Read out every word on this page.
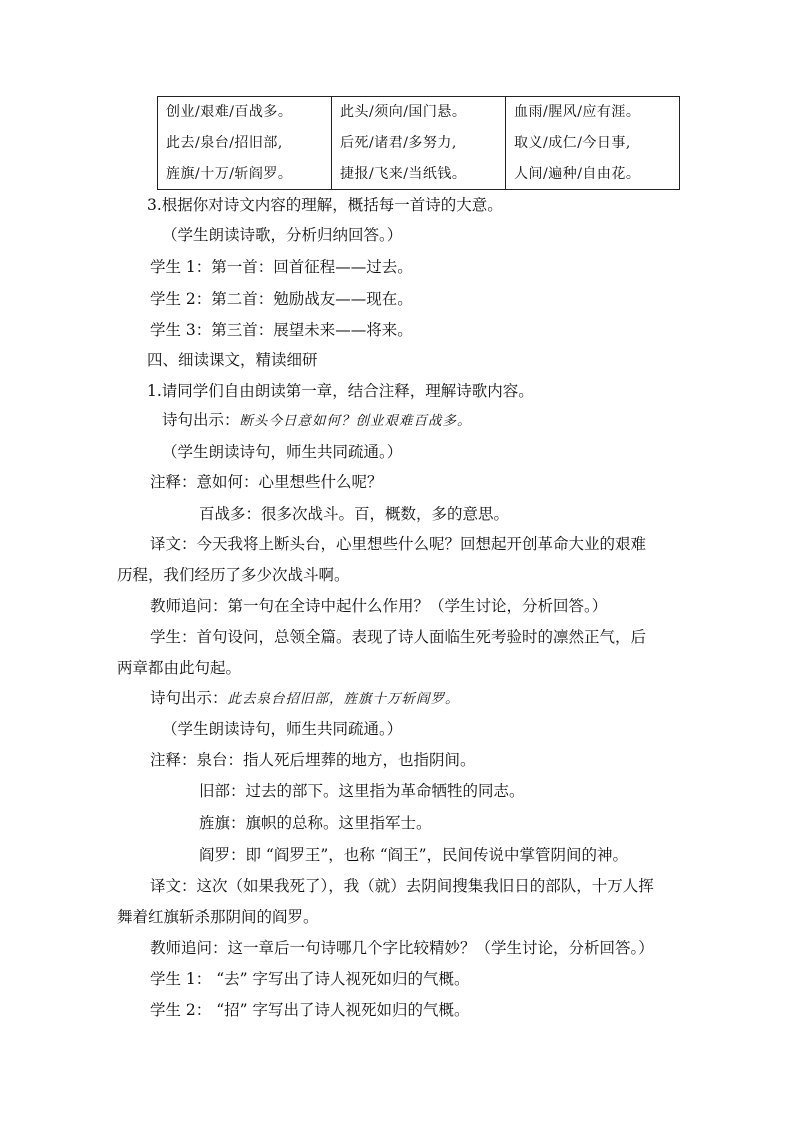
创业/艰难/百战多。
此去/泉台/招旧部,
旌旗/十万/斩阎罗。
此头/须向/国门悬。
后死/诸君/多努力,
捷报/飞来/当纸钱。
血雨/腥风/应有涯。
取义/成仁/今日事,
人间/遍种/自由花。
3.根据你对诗文内容的理解，概括每一首诗的大意。
（学生朗读诗歌，分析归纳回答。）
学生 1：第一首：回首征程——过去。
学生 2：第二首：勉励战友——现在。
学生 3：第三首：展望未来——将来。
四、细读课文，精读细研
1.请同学们自由朗读第一章，结合注释，理解诗歌内容。
诗句出示：断头今日意如何？创业艰难百战多。
（学生朗读诗句，师生共同疏通。）
注释：意如何：心里想些什么呢？
百战多：很多次战斗。百，概数，多的意思。
译文：今天我将上断头台，心里想些什么呢？回想起开创革命大业的艰难
历程，我们经历了多少次战斗啊。
教师追问：第一句在全诗中起什么作用？（学生讨论，分析回答。）
学生：首句设问，总领全篇。表现了诗人面临生死考验时的凛然正气，后
两章都由此句起。
诗句出示：此去泉台招旧部，旌旗十万斩阎罗。
（学生朗读诗句，师生共同疏通。）
注释：泉台：指人死后埋葬的地方，也指阴间。
旧部：过去的部下。这里指为革命牺牲的同志。
旌旗：旗帜的总称。这里指军士。
阎罗：即 “阎罗王”，也称 “阎王”，民间传说中掌管阴间的神。
译文：这次（如果我死了），我（就）去阴间搜集我旧日的部队，十万人挥
舞着红旗斩杀那阴间的阎罗。
教师追问：这一章后一句诗哪几个字比较精妙？（学生讨论，分析回答。）
学生 1： “去” 字写出了诗人视死如归的气概。
学生 2： “招” 字写出了诗人视死如归的气概。
